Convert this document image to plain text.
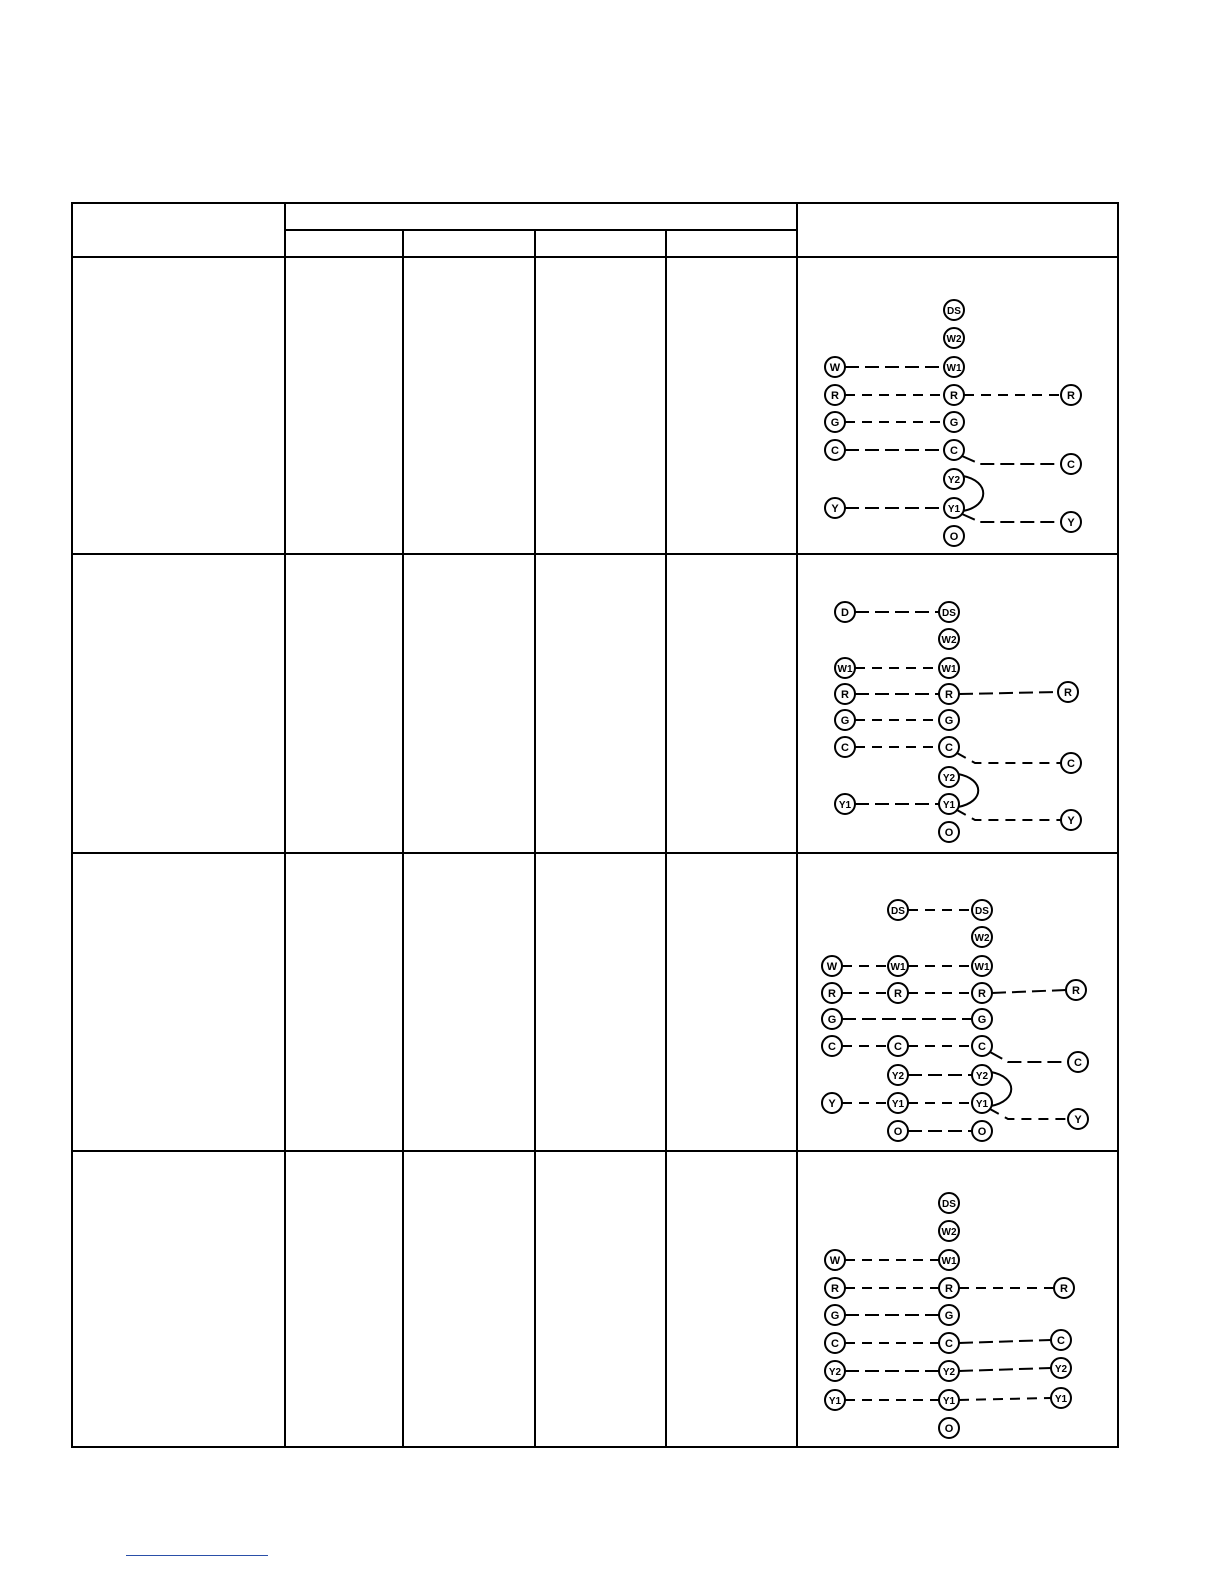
DS
W2
W	W1
R	R	R
G	G
C	C
C
Y2
Y	Y1
Y
O
D	DS
W2
W1	W1
R	R	R
G	G
C	C
C
Y2
Y1	Y1
Y
O
DS	DS
W2
W	W1	W1
R	R	R	R
G	G
C	C	C
C
Y2	Y2
Y	Y1	Y1
Y
O	O
DS
W2
W	W1
R	R	R
G	G
C	C	C
Y2	Y2	Y2
Y1	Y1	Y1
O
